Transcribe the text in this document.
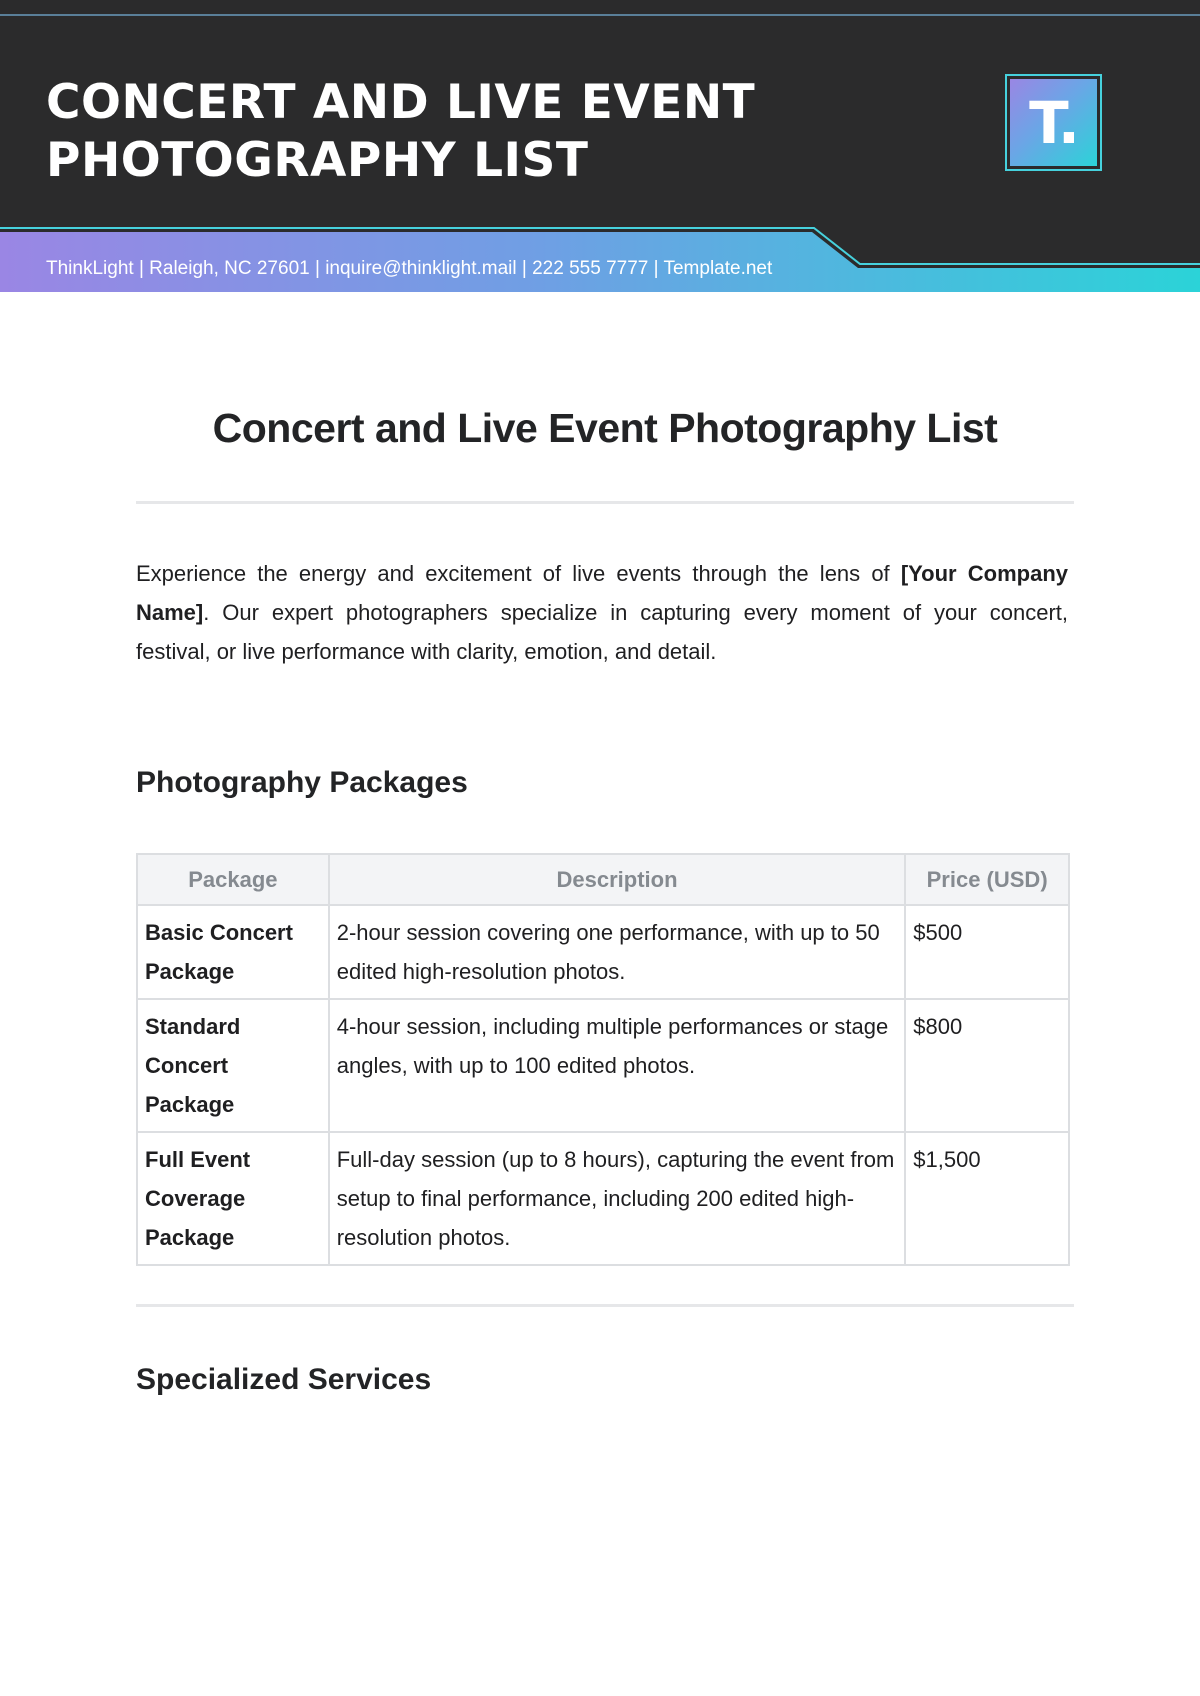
CONCERT AND LIVE EVENT PHOTOGRAPHY LIST
T.
ThinkLight | Raleigh, NC 27601 | inquire@thinklight.mail | 222 555 7777 | Template.net
Concert and Live Event Photography List

Experience the energy and excitement of live events through the lens of [Your Company Name]. Our expert photographers specialize in capturing every moment of your concert, festival, or live performance with clarity, emotion, and detail.

Photography Packages
Package	Description	Price (USD)
Basic Concert Package	2-hour session covering one performance, with up to 50 edited high-resolution photos.	$500
Standard Concert Package	4-hour session, including multiple performances or stage angles, with up to 100 edited photos.	$800
Full Event Coverage Package	Full-day session (up to 8 hours), capturing the event from setup to final performance, including 200 edited high-resolution photos.	$1,500
Specialized Services
